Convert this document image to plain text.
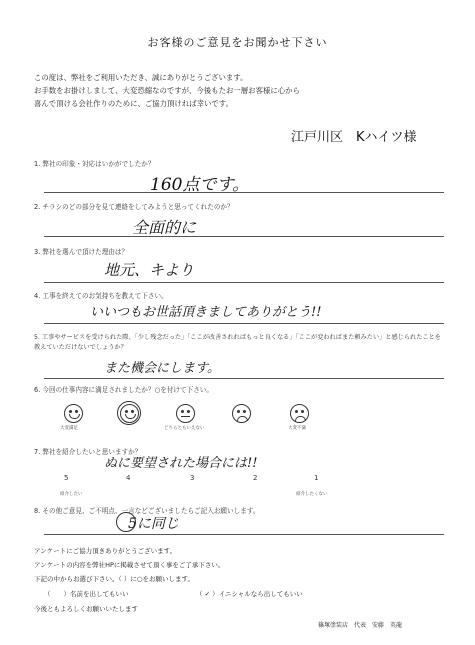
お客様のご意見をお聞かせ下さい
この度は、弊社をご利用いただき、誠にありがとうございます。
お手数をお掛けしまして、大変恐縮なのですが、今後もたお一層お客様に心から
喜んで頂ける会社作りのために、ご協力頂ければ幸いです。
江戸川区　Kハイツ様
1. 弊社の印象・対応はいかがでしたか？
160点です。
2. チラシのどの部分を見て連絡をしてみようと思ってくれたのか？
全面的に
3. 弊社を選んで頂けた理由は？
地元、キより
4. 工事を終えてのお気持ちを教えて下さい。
いいつもお世話頂きましてありがとう!!
5. 工事やサービスを受けられた際、「少し残念だった」「ここが改善されればもっと良くなる」「ここが変わればまた頼みたい」と感じられたことを教えていただけないでしょうか？
また機会にします。
6. 今回の仕事内容に満足されましたか？○を付けて下さい。
大変満足	どちらともいえない	大変不満
7. 弊社を紹介したいと思いますか？
ぬに要望された場合には!!
5	4	3	2	1
紹介したい	紹介したくない
8. その他ご意見、ご不明点、一言などございましたらご記入お願いします。
5に同じ
アンケートにご協力頂きありがとうございます。
アンケートの内容を弊社HPに掲載させて頂く事をご了承下さい。
下記の中からお選び下さい。（ ）に○をお願いします。
（　　）名前を出してもいい	（ ✓ ）イニシャルなら出してもいい
今後ともよろしくお願いいたします
篠塚塗装店　代表　安藤　英龍
